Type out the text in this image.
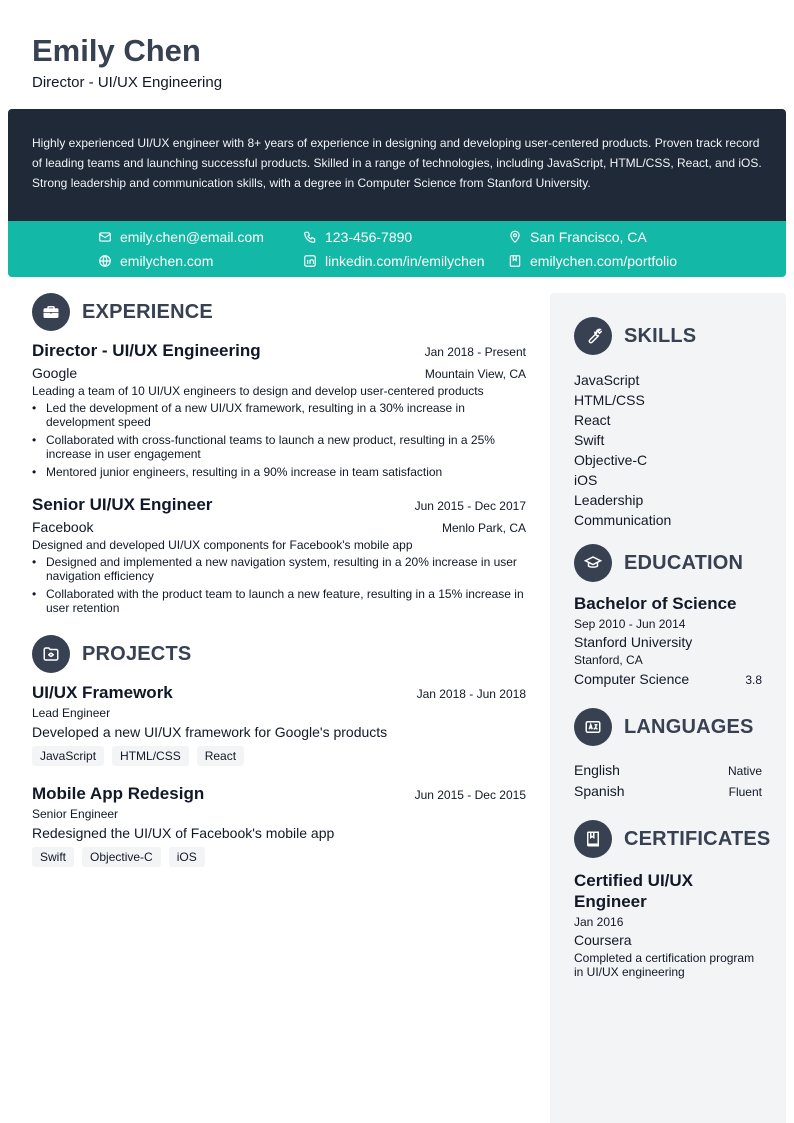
Emily Chen
Director - UI/UX Engineering

Highly experienced UI/UX engineer with 8+ years of experience in designing and developing user-centered products. Proven track record of leading teams and launching successful products. Skilled in a range of technologies, including JavaScript, HTML/CSS, React, and iOS. Strong leadership and communication skills, with a degree in Computer Science from Stanford University.

emily.chen@email.com	123-456-7890	San Francisco, CA
emilychen.com	linkedin.com/in/emilychen	emilychen.com/portfolio
EXPERIENCE
Director - UI/UX Engineering	Jan 2018 - Present
Google	Mountain View, CA
Leading a team of 10 UI/UX engineers to design and develop user-centered products
• Led the development of a new UI/UX framework, resulting in a 30% increase in development speed
• Collaborated with cross-functional teams to launch a new product, resulting in a 25% increase in user engagement
• Mentored junior engineers, resulting in a 90% increase in team satisfaction
Senior UI/UX Engineer	Jun 2015 - Dec 2017
Facebook	Menlo Park, CA
Designed and developed UI/UX components for Facebook's mobile app
• Designed and implemented a new navigation system, resulting in a 20% increase in user navigation efficiency
• Collaborated with the product team to launch a new feature, resulting in a 15% increase in user retention
PROJECTS
UI/UX Framework	Jan 2018 - Jun 2018
Lead Engineer
Developed a new UI/UX framework for Google's products
JavaScript	HTML/CSS	React
Mobile App Redesign	Jun 2015 - Dec 2015
Senior Engineer
Redesigned the UI/UX of Facebook's mobile app
Swift	Objective-C	iOS
SKILLS
JavaScript
HTML/CSS
React
Swift
Objective-C
iOS
Leadership
Communication
EDUCATION
Bachelor of Science
Sep 2010 - Jun 2014
Stanford University
Stanford, CA
Computer Science	3.8
LANGUAGES
English	Native
Spanish	Fluent
CERTIFICATES
Certified UI/UX Engineer
Jan 2016
Coursera
Completed a certification program in UI/UX engineering
